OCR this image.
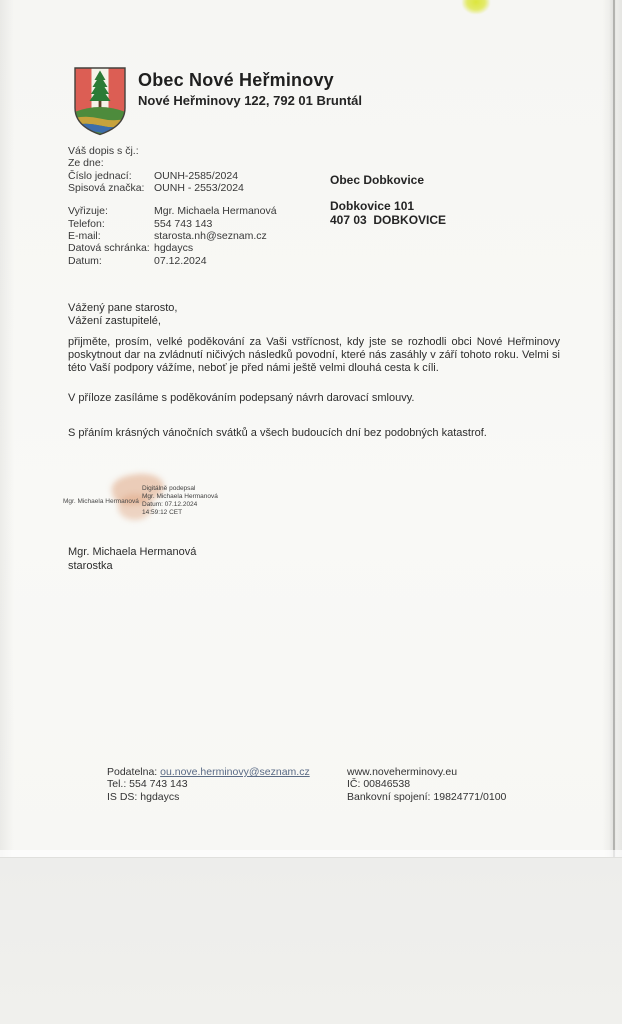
Obec Nové Heřminovy
Nové Heřminovy 122, 792 01 Bruntál
Váš dopis s čj.:
Ze dne:
Číslo jednací:	OUNH-2585/2024
Spisová značka: OUNH - 2553/2024
Vyřizuje:	Mgr. Michaela Hermanová
Telefon:	554 743 143
E-mail:	starosta.nh@seznam.cz
Datová schránka: hgdaycs
Datum:	07.12.2024
Obec Dobkovice
Dobkovice 101
407 03  DOBKOVICE
Vážený pane starosto,
Vážení zastupitelé,
přijměte, prosím, velké poděkování za Vaši vstřícnost, kdy jste se rozhodli obci Nové Heřminovy poskytnout dar na zvládnutí ničivých následků povodní, které nás zasáhly v září tohoto roku. Velmi si této Vaší podpory vážíme, neboť je před námi ještě velmi dlouhá cesta k cíli.
V příloze zasíláme s poděkováním podepsaný návrh darovací smlouvy.
S přáním krásných vánočních svátků a všech budoucích dní bez podobných katastrof.
Mgr. Michaela Hermanová
Digitálně podepsal
Mgr. Michaela Hermanová
Datum: 07.12.2024
14:59:12 CET
Mgr. Michaela Hermanová
starostka
Podatelna: ou.nove.herminovy@seznam.cz
Tel.: 554 743 143
IS DS: hgdaycs
www.noveherminovy.eu
IČ: 00846538
Bankovní spojení: 19824771/0100
